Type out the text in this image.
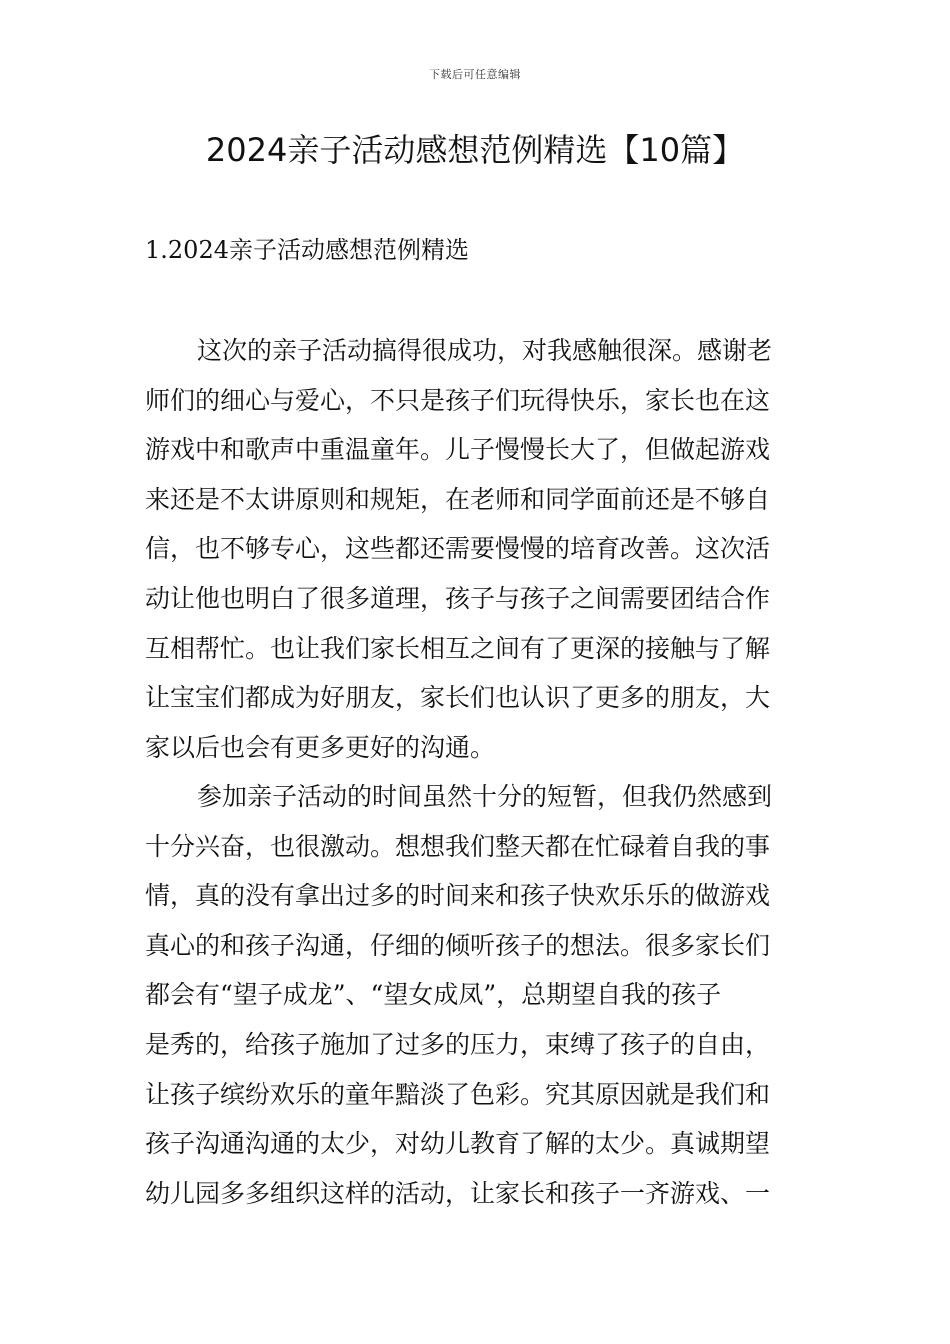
下载后可任意编辑
2024亲子活动感想范例精选【10篇】
1.2024亲子活动感想范例精选
这次的亲子活动搞得很成功，对我感触很深。感谢老
师们的细心与爱心，不只是孩子们玩得快乐，家长也在这
游戏中和歌声中重温童年。儿子慢慢长大了，但做起游戏
来还是不太讲原则和规矩，在老师和同学面前还是不够自
信，也不够专心，这些都还需要慢慢的培育改善。这次活
动让他也明白了很多道理，孩子与孩子之间需要团结合作
互相帮忙。也让我们家长相互之间有了更深的接触与了解
让宝宝们都成为好朋友，家长们也认识了更多的朋友，大
家以后也会有更多更好的沟通。
参加亲子活动的时间虽然十分的短暂，但我仍然感到
十分兴奋，也很激动。想想我们整天都在忙碌着自我的事
情，真的没有拿出过多的时间来和孩子快欢乐乐的做游戏
真心的和孩子沟通，仔细的倾听孩子的想法。很多家长们
都会有“望子成龙”、“望女成凤”，总期望自我的孩子
是秀的，给孩子施加了过多的压力，束缚了孩子的自由，
让孩子缤纷欢乐的童年黯淡了色彩。究其原因就是我们和
孩子沟通沟通的太少，对幼儿教育了解的太少。真诚期望
幼儿园多多组织这样的活动，让家长和孩子一齐游戏、一
